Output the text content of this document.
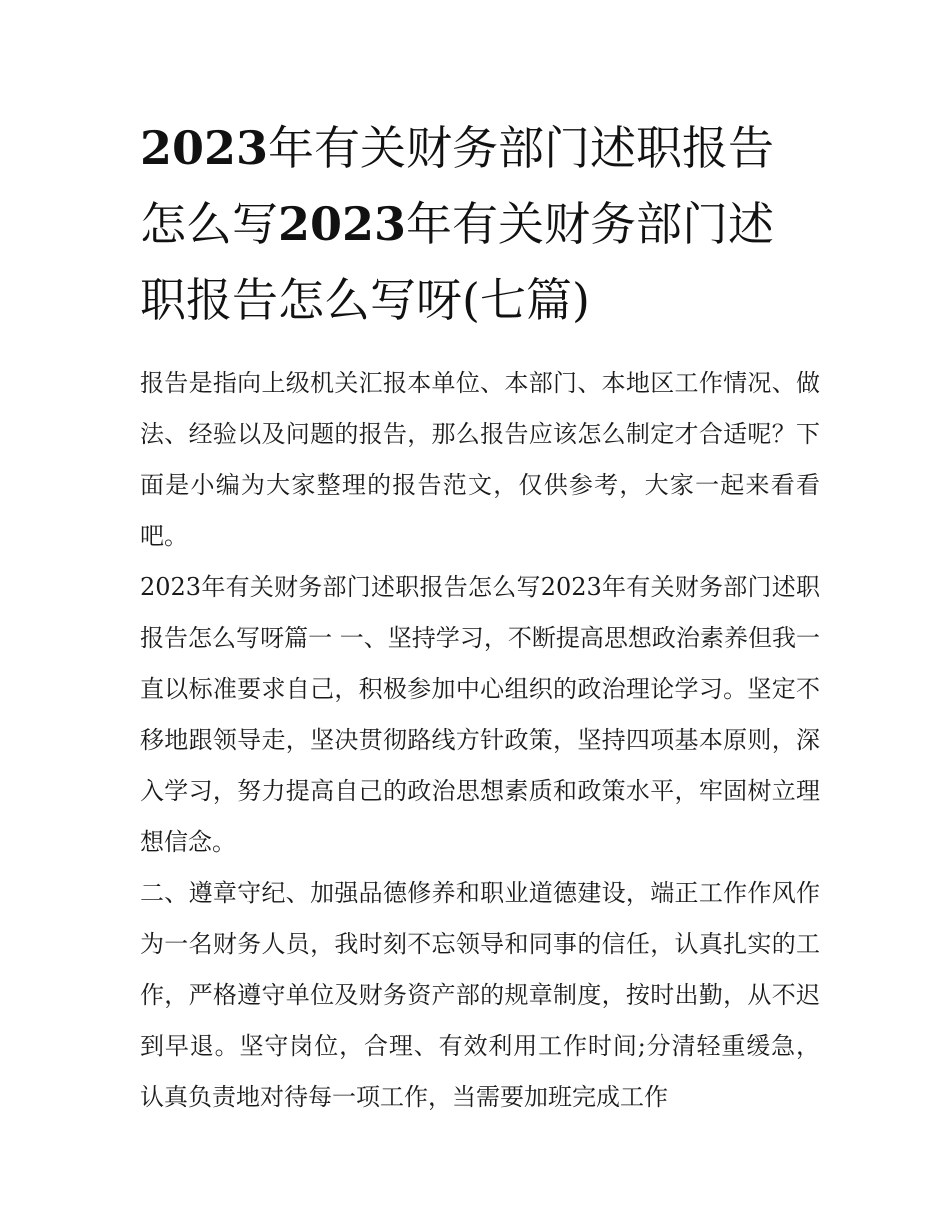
2023年有关财务部门述职报告怎么写2023年有关财务部门述职报告怎么写呀(七篇)

报告是指向上级机关汇报本单位、本部门、本地区工作情况、做法、经验以及问题的报告，那么报告应该怎么制定才合适呢？下面是小编为大家整理的报告范文，仅供参考，大家一起来看看吧。

2023年有关财务部门述职报告怎么写2023年有关财务部门述职报告怎么写呀篇一 一、坚持学习，不断提高思想政治素养但我一直以标准要求自己，积极参加中心组织的政治理论学习。坚定不移地跟领导走，坚决贯彻路线方针政策，坚持四项基本原则，深入学习，努力提高自己的政治思想素质和政策水平，牢固树立理想信念。

二、遵章守纪、加强品德修养和职业道德建设，端正工作作风作为一名财务人员，我时刻不忘领导和同事的信任，认真扎实的工作，严格遵守单位及财务资产部的规章制度，按时出勤，从不迟到早退。坚守岗位，合理、有效利用工作时间;分清轻重缓急，认真负责地对待每一项工作，当需要加班完成工作
